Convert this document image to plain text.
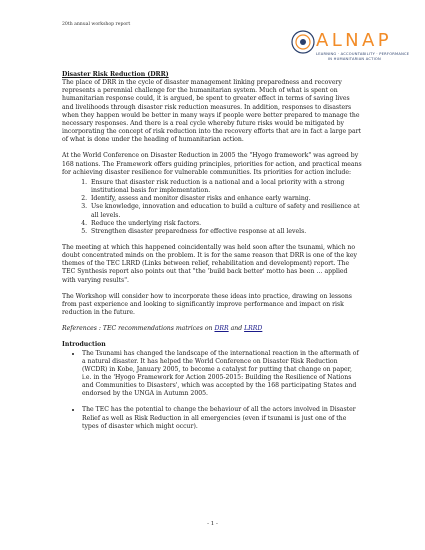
20th annual workshop report
ALNAP
LEARNING · ACCOUNTABILITY · PERFORMANCE
IN HUMANITARIAN ACTION

Disaster Risk Reduction (DRR)

The place of DRR in the cycle of disaster management linking preparedness and recovery represents a perennial challenge for the humanitarian system. Much of what is spent on humanitarian response could, it is argued, be spent to greater effect in terms of saving lives and livelihoods through disaster risk reduction measures. In addition, responses to disasters when they happen would be better in many ways if people were better prepared to manage the necessary responses. And there is a real cycle whereby future risks would be mitigated by incorporating the concept of risk reduction into the recovery efforts that are in fact a large part of what is done under the heading of humanitarian action.

At the World Conference on Disaster Reduction in 2005 the "Hyogo framework" was agreed by 168 nations. The Framework offers guiding principles, priorities for action, and practical means for achieving disaster resilience for vulnerable communities. Its priorities for action include:

1. Ensure that disaster risk reduction is a national and a local priority with a strong institutional basis for implementation.
2. Identify, assess and monitor disaster risks and enhance early warning.
3. Use knowledge, innovation and education to build a culture of safety and resilience at all levels.
4. Reduce the underlying risk factors.
5. Strengthen disaster preparedness for effective response at all levels.

The meeting at which this happened coincidentally was held soon after the tsunami, which no doubt concentrated minds on the problem. It is for the same reason that DRR is one of the key themes of the TEC LRRD (Links between relief, rehabilitation and development) report. The TEC Synthesis report also points out that "the 'build back better' motto has been … applied with varying results".

The Workshop will consider how to incorporate these ideas into practice, drawing on lessons from past experience and looking to significantly improve performance and impact on risk reduction in the future.

References : TEC recommendations matrices on DRR and LRRD

Introduction

• The Tsunami has changed the landscape of the international reaction in the aftermath of a natural disaster. It has helped the World Conference on Disaster Risk Reduction (WCDR) in Kobe, January 2005, to become a catalyst for putting that change on paper, i.e. in the 'Hyogo Framework for Action 2005-2015: Building the Resilience of Nations and Communities to Disasters', which was accepted by the 168 participating States and endorsed by the UNGA in Autumn 2005.
• The TEC has the potential to change the behaviour of all the actors involved in Disaster Relief as well as Risk Reduction in all emergencies (even if tsunami is just one of the types of disaster which might occur).
- 1 -
